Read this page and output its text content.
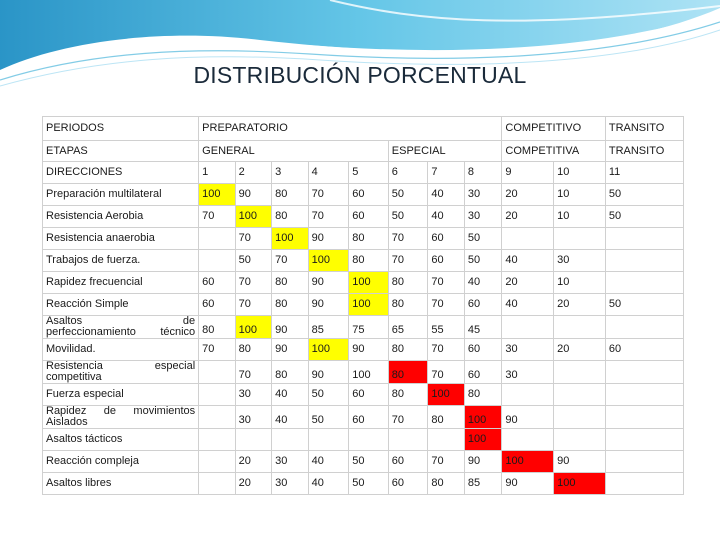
DISTRIBUCIÓN PORCENTUAL
PERIODOS	PREPARATORIO								COMPETITIVO		TRANSITO
ETAPAS	GENERAL					ESPECIAL			COMPETITIVA		TRANSITO
DIRECCIONES	1	2	3	4	5	6	7	8	9	10	11

Preparación multilateral	100	90	80	70	60	50	40	30	20	10	50

Resistencia Aerobia	70	100	80	70	60	50	40	30	20	10	50

Resistencia anaerobia		70	100	90	80	70	60	50			

Trabajos de fuerza.		50	70	100	80	70	60	50	40	30	

Rapidez frecuencial	60	70	80	90	100	80	70	40	20	10	

Reacción Simple	60	70	80	90	100	80	70	60	40	20	50

Asaltos de
perfeccionamiento técnico	80	100	90	85	75	65	55	45			

Movilidad.	70	80	90	100	90	80	70	60	30	20	60

Resistencia especial
competitiva		70	80	90	100	80	70	60	30		

Fuerza especial		30	40	50	60	80	100	80			

Rapidez de movimientos
Aislados		30	40	50	60	70	80	100	90		

Asaltos tácticos								100			

Reacción compleja		20	30	40	50	60	70	90	100	90	

Asaltos libres		20	30	40	50	60	80	85	90	100	
